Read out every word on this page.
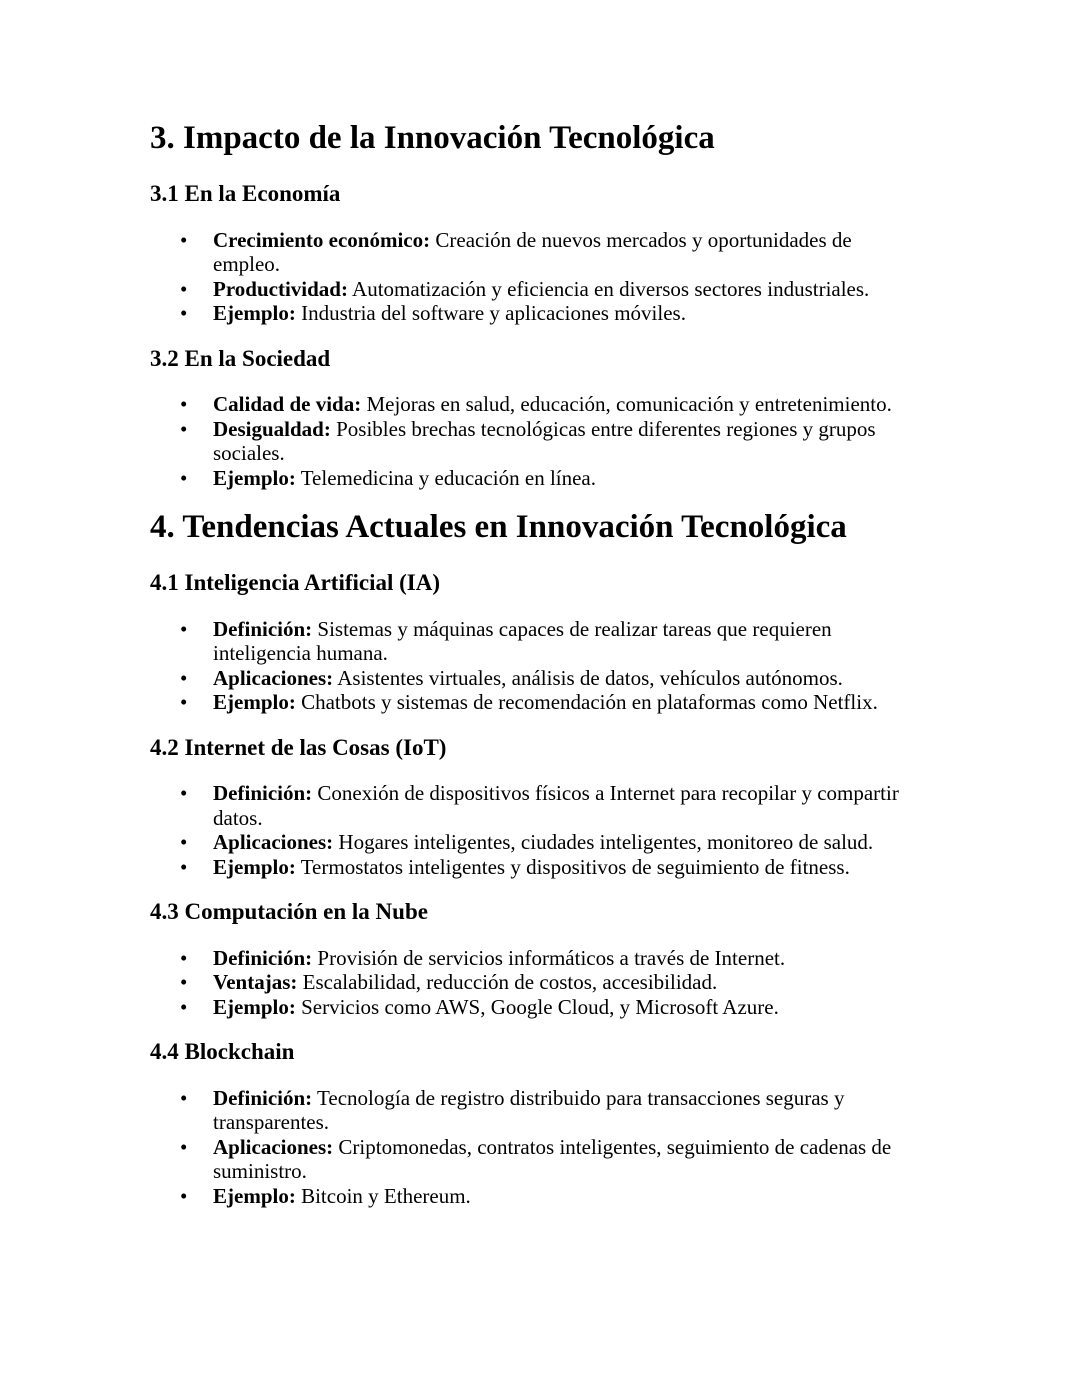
3. Impacto de la Innovación Tecnológica
3.1 En la Economía
• Crecimiento económico: Creación de nuevos mercados y oportunidades de empleo.
• Productividad: Automatización y eficiencia en diversos sectores industriales.
• Ejemplo: Industria del software y aplicaciones móviles.
3.2 En la Sociedad
• Calidad de vida: Mejoras en salud, educación, comunicación y entretenimiento.
• Desigualdad: Posibles brechas tecnológicas entre diferentes regiones y grupos sociales.
• Ejemplo: Telemedicina y educación en línea.
4. Tendencias Actuales en Innovación Tecnológica
4.1 Inteligencia Artificial (IA)
• Definición: Sistemas y máquinas capaces de realizar tareas que requieren inteligencia humana.
• Aplicaciones: Asistentes virtuales, análisis de datos, vehículos autónomos.
• Ejemplo: Chatbots y sistemas de recomendación en plataformas como Netflix.
4.2 Internet de las Cosas (IoT)
• Definición: Conexión de dispositivos físicos a Internet para recopilar y compartir datos.
• Aplicaciones: Hogares inteligentes, ciudades inteligentes, monitoreo de salud.
• Ejemplo: Termostatos inteligentes y dispositivos de seguimiento de fitness.
4.3 Computación en la Nube
• Definición: Provisión de servicios informáticos a través de Internet.
• Ventajas: Escalabilidad, reducción de costos, accesibilidad.
• Ejemplo: Servicios como AWS, Google Cloud, y Microsoft Azure.
4.4 Blockchain
• Definición: Tecnología de registro distribuido para transacciones seguras y transparentes.
• Aplicaciones: Criptomonedas, contratos inteligentes, seguimiento de cadenas de suministro.
• Ejemplo: Bitcoin y Ethereum.
